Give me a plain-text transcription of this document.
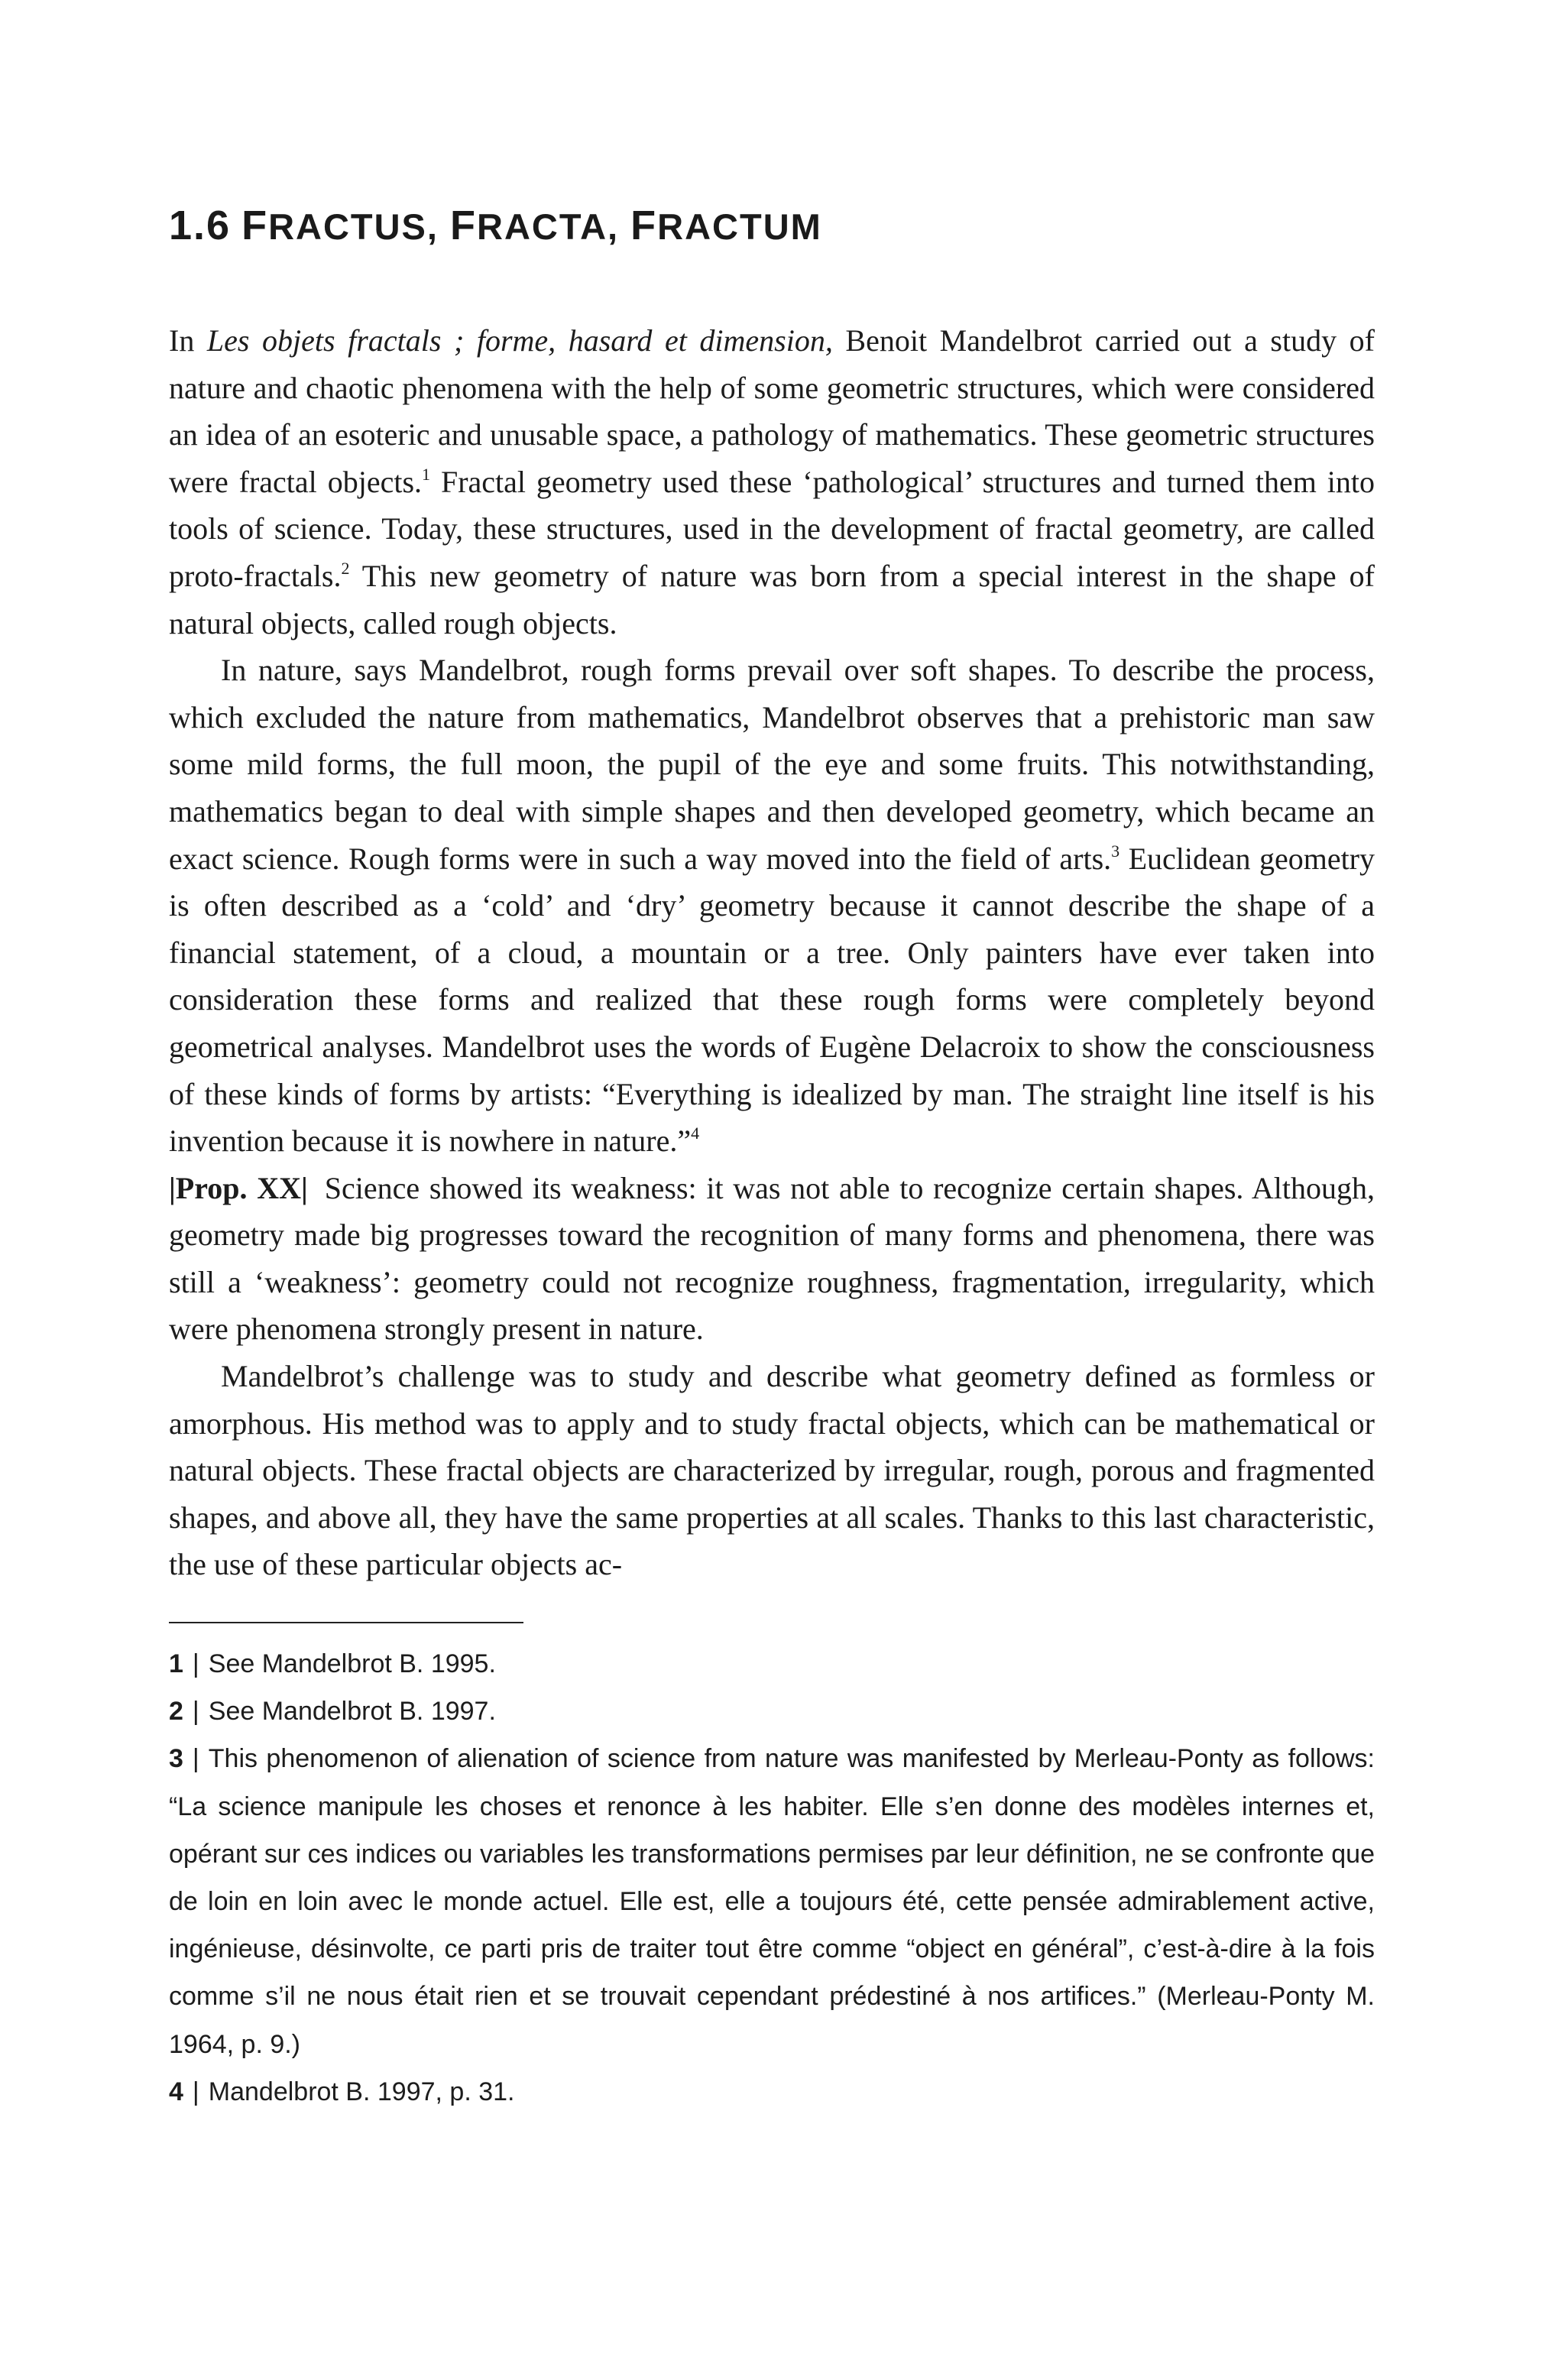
1.6 FRACTUS, FRACTA, FRACTUM

In Les objets fractals ; forme, hasard et dimension, Benoit Mandelbrot carried out a study of nature and chaotic phenomena with the help of some geometric structures, which were considered an idea of an esoteric and unusable space, a pathology of mathematics. These geometric structures were fractal objects.$^1$ Fractal geometry used these ‘pathological’ structures and turned them into tools of science. Today, these structures, used in the development of fractal geometry, are called proto-fractals.$^2$ This new geometry of nature was born from a special interest in the shape of natural objects, called rough objects.

In nature, says Mandelbrot, rough forms prevail over soft shapes. To describe the process, which excluded the nature from mathematics, Mandelbrot observes that a prehistoric man saw some mild forms, the full moon, the pupil of the eye and some fruits. This notwithstanding, mathematics began to deal with simple shapes and then developed geometry, which became an exact science. Rough forms were in such a way moved into the field of arts.$^3$ Euclidean geometry is often described as a ‘cold’ and ‘dry’ geometry because it cannot describe the shape of a financial statement, of a cloud, a mountain or a tree. Only painters have ever taken into consideration these forms and realized that these rough forms were completely beyond geometrical analyses. Mandelbrot uses the words of Eugène Delacroix to show the consciousness of these kinds of forms by artists: “Everything is idealized by man. The straight line itself is his invention because it is nowhere in nature.”$^4$

|Prop. XX| Science showed its weakness: it was not able to recognize certain shapes. Although, geometry made big progresses toward the recognition of many forms and phenomena, there was still a ‘weakness’: geometry could not recognize roughness, fragmentation, irregularity, which were phenomena strongly present in nature.

Mandelbrot’s challenge was to study and describe what geometry defined as formless or amorphous. His method was to apply and to study fractal objects, which can be mathematical or natural objects. These fractal objects are characterized by irregular, rough, porous and fragmented shapes, and above all, they have the same properties at all scales. Thanks to this last characteristic, the use of these particular objects ac-

1 | See Mandelbrot B. 1995.

2 | See Mandelbrot B. 1997.

3 | This phenomenon of alienation of science from nature was manifested by Merleau-Ponty as follows: “La science manipule les choses et renonce à les habiter. Elle s’en donne des modèles internes et, opérant sur ces indices ou variables les transformations permises par leur définition, ne se confronte que de loin en loin avec le monde actuel. Elle est, elle a toujours été, cette pensée admirablement active, ingénieuse, désinvolte, ce parti pris de traiter tout être comme “object en général”, c’est-à-dire à la fois comme s’il ne nous était rien et se trouvait cependant prédestiné à nos artifices.” (Merleau-Ponty M. 1964, p. 9.)

4 | Mandelbrot B. 1997, p. 31.
